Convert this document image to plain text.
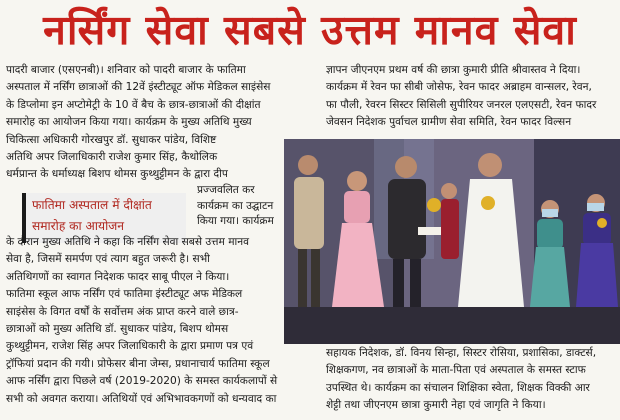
नर्सिंग सेवा सबसे उत्तम मानव सेवा

पादरी बाजार (एसएनबी)। शनिवार को पादरी बाजार के फातिमा

अस्पताल में नर्सिंग छात्राओं की 12वें इंस्टीट्यूट ऑफ मेडिकल साइंसेस

के डिप्लोमा इन अप्टोमेट्री के 10 वें बैच के छात्र-छात्राओं की दीक्षांत

समारोह का आयोजन किया गया। कार्यक्रम के मुख्य अतिथि मुख्य

चिकित्सा अधिकारी गोरखपुर डॉ. सुधाकर पांडेय, विशिष्ट

अतिथि अपर जिलाधिकारी राजेश कुमार सिंह, कैथोलिक

धर्मप्रान्त के धर्माध्यक्ष बिशप थोमस कुथ्थुट्टीमन के द्वारा दीप

फातिमा अस्पताल में दीक्षांत
समारोह का आयोजन

प्रज्जवलित कर

कार्यक्रम का उद्घाटन

किया गया। कार्यक्रम

के दौरान मुख्य अतिथि ने कहा कि नर्सिंग सेवा सबसे उत्तम मानव

सेवा है, जिसमें समर्पण एवं त्याग बहुत जरूरी है। सभी

अतिथिगणों का स्वागत निदेशक फादर साबू पीएल ने किया।

फातिमा स्कूल आफ नर्सिंग एवं फातिमा इंस्टीट्यूट अफ मेडिकल

साइंसेस के विगत वर्षों के सर्वोत्तम अंक प्राप्त करने वाले छात्र-

छात्राओं को मुख्य अतिथि डॉ. सुधाकर पांडेय, बिशप थोमस

कुथ्थुट्टीमन, राजेश सिंह अपर जिलाधिकारी के द्वारा प्रमाण पत्र एवं

ट्रॉफियां प्रदान की गयी। प्रोफेसर बीना जेम्स, प्रधानाचार्य फातिमा स्कूल

आफ नर्सिंग द्वारा पिछले वर्ष (2019-2020) के समस्त कार्यकलापों से

सभी को अवगत कराया। अतिथियों एवं अभिभावकगणों को धन्यवाद का

ज्ञापन जीएनएम प्रथम वर्ष की छात्रा कुमारी प्रीति श्रीवास्तव ने दिया।

कार्यक्रम में रेवन फा सीबी जोसेफ, रेवन फादर अब्राहम वान्सलर, रेवन,

फा पौली, रेवरन सिस्टर सिसिली सुपीरियर जनरल एलएसटी, रेवन फादर

जेवसन निदेशक पुर्वाचल ग्रामीण सेवा समिति, रेवन फादर विल्सन

सहायक निदेशक, डॉ. विनय सिन्हा, सिस्टर रोसिया, प्रशासिका, डाक्टर्स,

शिक्षकगण, नव छात्राओं के माता-पिता एवं अस्पताल के समस्त स्टाफ

उपस्थित थे। कार्यक्रम का संचालन शिक्षिका स्वेता, शिक्षक विक्की आर

शेट्टी तथा जीएनएम छात्रा कुमारी नेहा एवं जागृति ने किया।
